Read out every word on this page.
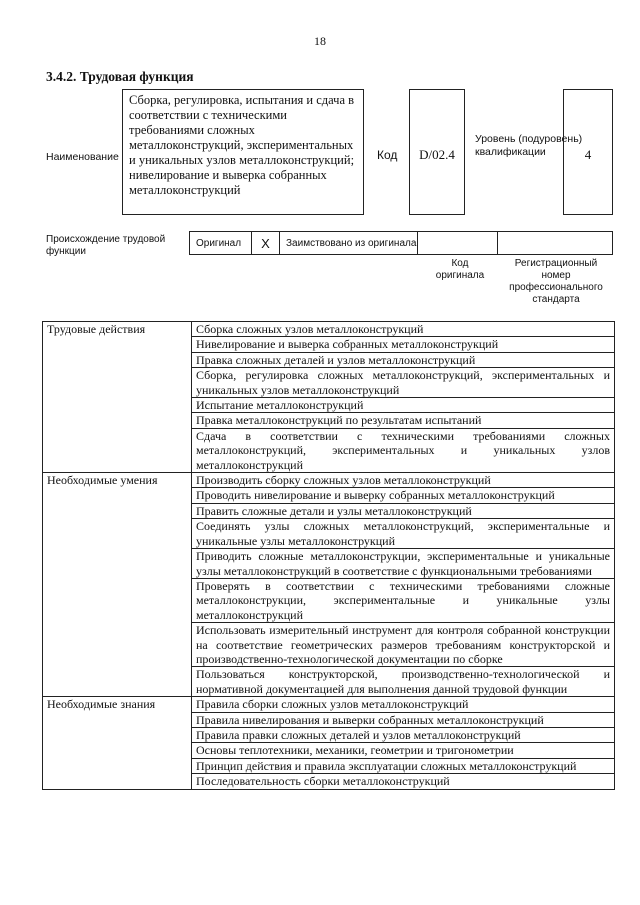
18
3.4.2. Трудовая функция
Наименование
Сборка, регулировка, испытания и сдача в соответствии с техническими требованиями сложных металлоконструкций, экспериментальных и уникальных узлов металлоконструкций; нивелирование и выверка собранных металлоконструкций
Код	D/02.4
Уровень (подуровень) квалификации	4
Происхождение трудовой функции
Оригинал	X	Заимствовано из оригинала
Код оригинала
Регистрационный номер профессионального стандарта
Трудовые действия	Сборка сложных узлов металлоконструкций
	Нивелирование и выверка собранных металлоконструкций
	Правка сложных деталей и узлов металлоконструкций
	Сборка, регулировка сложных металлоконструкций, экспериментальных и уникальных узлов металлоконструкций
	Испытание металлоконструкций
	Правка металлоконструкций по результатам испытаний
	Сдача в соответствии с техническими требованиями сложных металлоконструкций, экспериментальных и уникальных узлов металлоконструкций
Необходимые умения	Производить сборку сложных узлов металлоконструкций
	Проводить нивелирование и выверку собранных металлоконструкций
	Править сложные детали и узлы металлоконструкций
	Соединять узлы сложных металлоконструкций, экспериментальные и уникальные узлы металлоконструкций
	Приводить сложные металлоконструкции, экспериментальные и уникальные узлы металлоконструкций в соответствие с функциональными требованиями
	Проверять в соответствии с техническими требованиями сложные металлоконструкции, экспериментальные и уникальные узлы металлоконструкций
	Использовать измерительный инструмент для контроля собранной конструкции на соответствие геометрических размеров требованиям конструкторской и производственно-технологической документации по сборке
	Пользоваться конструкторской, производственно-технологической и нормативной документацией для выполнения данной трудовой функции
Необходимые знания	Правила сборки сложных узлов металлоконструкций
	Правила нивелирования и выверки собранных металлоконструкций
	Правила правки сложных деталей и узлов металлоконструкций
	Основы теплотехники, механики, геометрии и тригонометрии
	Принцип действия и правила эксплуатации сложных металлоконструкций
	Последовательность сборки металлоконструкций
